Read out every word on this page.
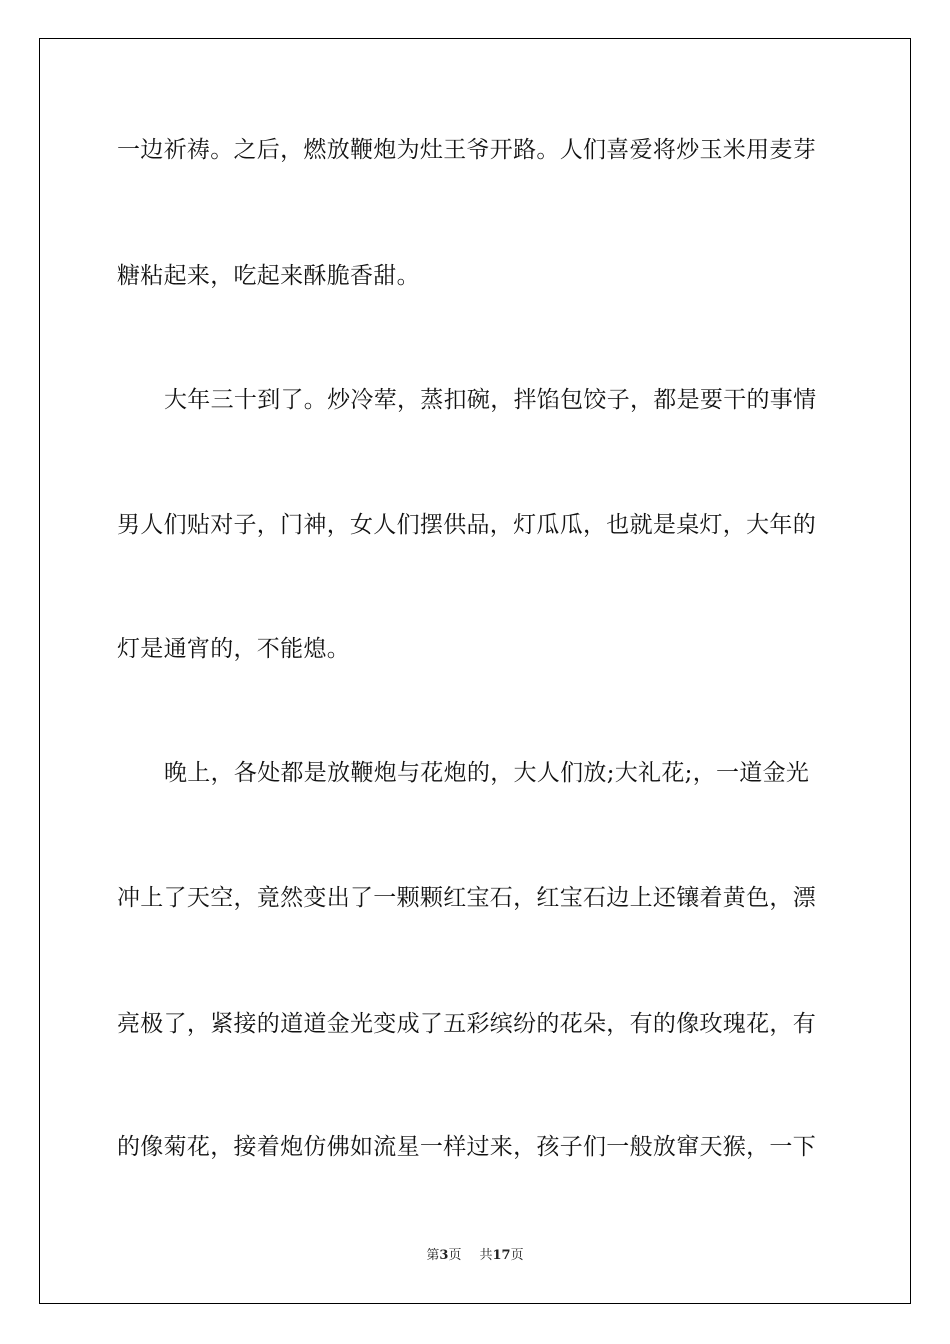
一边祈祷。之后，燃放鞭炮为灶王爷开路。人们喜爱将炒玉米用麦芽
糖粘起来，吃起来酥脆香甜。
大年三十到了。炒冷荤，蒸扣碗，拌馅包饺子，都是要干的事情
男人们贴对子，门神，女人们摆供品，灯瓜瓜，也就是桌灯，大年的
灯是通宵的，不能熄。
晚上，各处都是放鞭炮与花炮的，大人们放;大礼花;，一道金光
冲上了天空，竟然变出了一颗颗红宝石，红宝石边上还镶着黄色，漂
亮极了，紧接的道道金光变成了五彩缤纷的花朵，有的像玫瑰花，有
的像菊花，接着炮仿佛如流星一样过来，孩子们一般放窜天猴，一下
第3页 共17页
